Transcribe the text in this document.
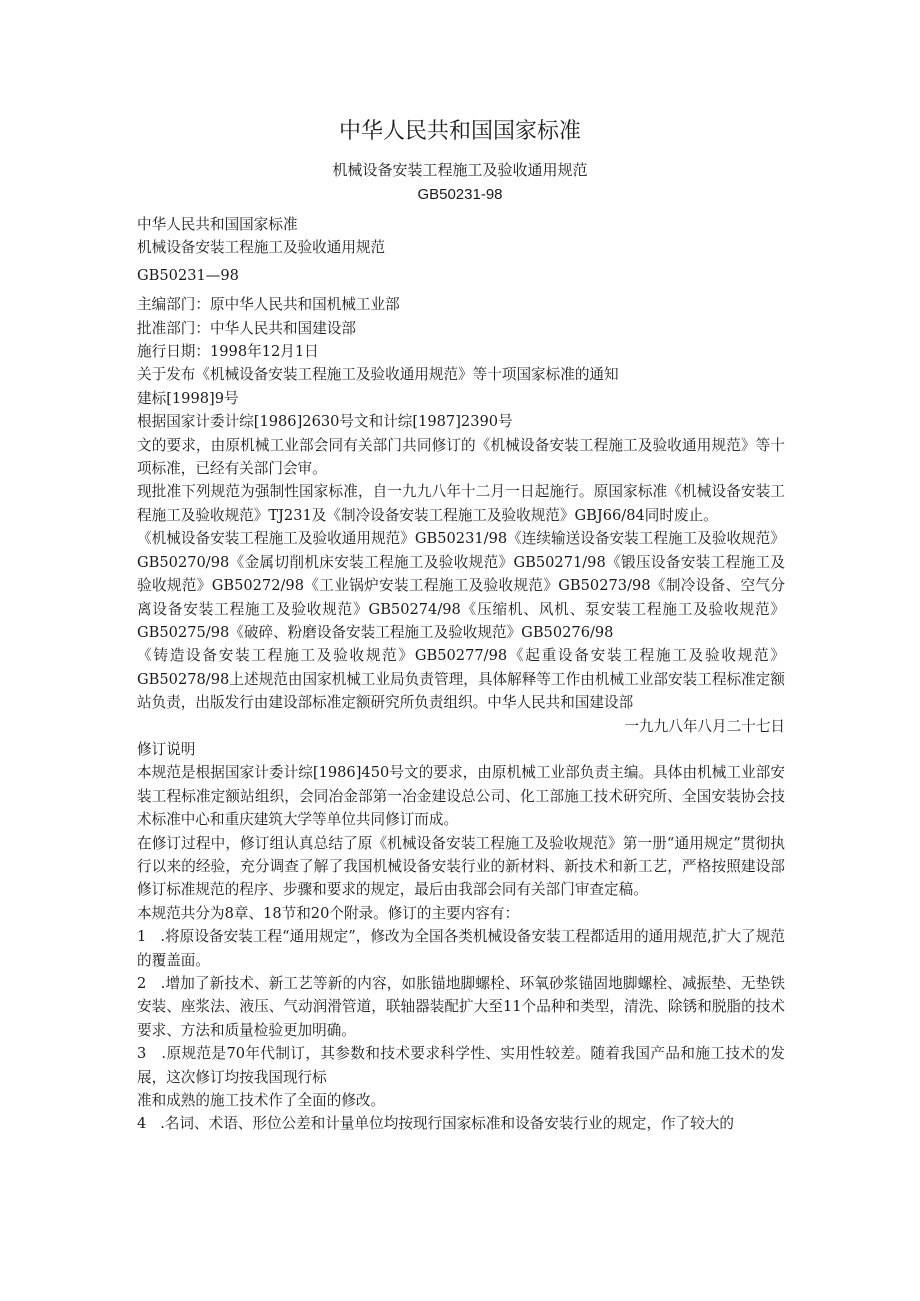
中华人民共和国国家标准
机械设备安装工程施工及验收通用规范
GB50231-98

中华人民共和国国家标准

机械设备安装工程施工及验收通用规范

GB50231—98

主编部门：原中华人民共和国机械工业部

批准部门：中华人民共和国建设部

施行日期：1998年12月1日

关于发布《机械设备安装工程施工及验收通用规范》等十项国家标准的通知

建标[1998]9号

根据国家计委计综[1986]2630号文和计综[1987]2390号

文的要求，由原机械工业部会同有关部门共同修订的《机械设备安装工程施工及验收通用规范》等十项标准，已经有关部门会审。

现批准下列规范为强制性国家标准，自一九九八年十二月一日起施行。原国家标准《机械设备安装工程施工及验收规范》TJ231及《制冷设备安装工程施工及验收规范》GBJ66/84同时废止。

《机械设备安装工程施工及验收通用规范》GB50231/98《连续输送设备安装工程施工及验收规范》GB50270/98《金属切削机床安装工程施工及验收规范》GB50271/98《锻压设备安装工程施工及验收规范》GB50272/98《工业锅炉安装工程施工及验收规范》GB50273/98《制冷设备、空气分离设备安装工程施工及验收规范》GB50274/98《压缩机、风机、泵安装工程施工及验收规范》GB50275/98《破碎、粉磨设备安装工程施工及验收规范》GB50276/98

《铸造设备安装工程施工及验收规范》GB50277/98《起重设备安装工程施工及验收规范》GB50278/98上述规范由国家机械工业局负责管理，具体解释等工作由机械工业部安装工程标准定额站负责，出版发行由建设部标准定额研究所负责组织。中华人民共和国建设部

一九九八年八月二十七日

修订说明

本规范是根据国家计委计综[1986]450号文的要求，由原机械工业部负责主编。具体由机械工业部安装工程标准定额站组织，会同冶金部第一冶金建设总公司、化工部施工技术研究所、全国安装协会技术标准中心和重庆建筑大学等单位共同修订而成。

在修订过程中，修订组认真总结了原《机械设备安装工程施工及验收规范》第一册“通用规定”贯彻执行以来的经验，充分调查了解了我国机械设备安装行业的新材料、新技术和新工艺，严格按照建设部修订标准规范的程序、步骤和要求的规定，最后由我部会同有关部门审查定稿。

本规范共分为8章、18节和20个附录。修订的主要内容有：

1   .将原设备安装工程“通用规定”，修改为全国各类机械设备安装工程都适用的通用规范,扩大了规范的覆盖面。

2   .增加了新技术、新工艺等新的内容，如胀锚地脚螺栓、环氧砂浆锚固地脚螺栓、减振垫、无垫铁安装、座浆法、液压、气动润滑管道，联轴器装配扩大至11个品种和类型，清洗、除锈和脱脂的技术要求、方法和质量检验更加明确。

3   .原规范是70年代制订，其参数和技术要求科学性、实用性较差。随着我国产品和施工技术的发展，这次修订均按我国现行标

准和成熟的施工技术作了全面的修改。

4   .名词、术语、形位公差和计量单位均按现行国家标准和设备安装行业的规定，作了较大的
